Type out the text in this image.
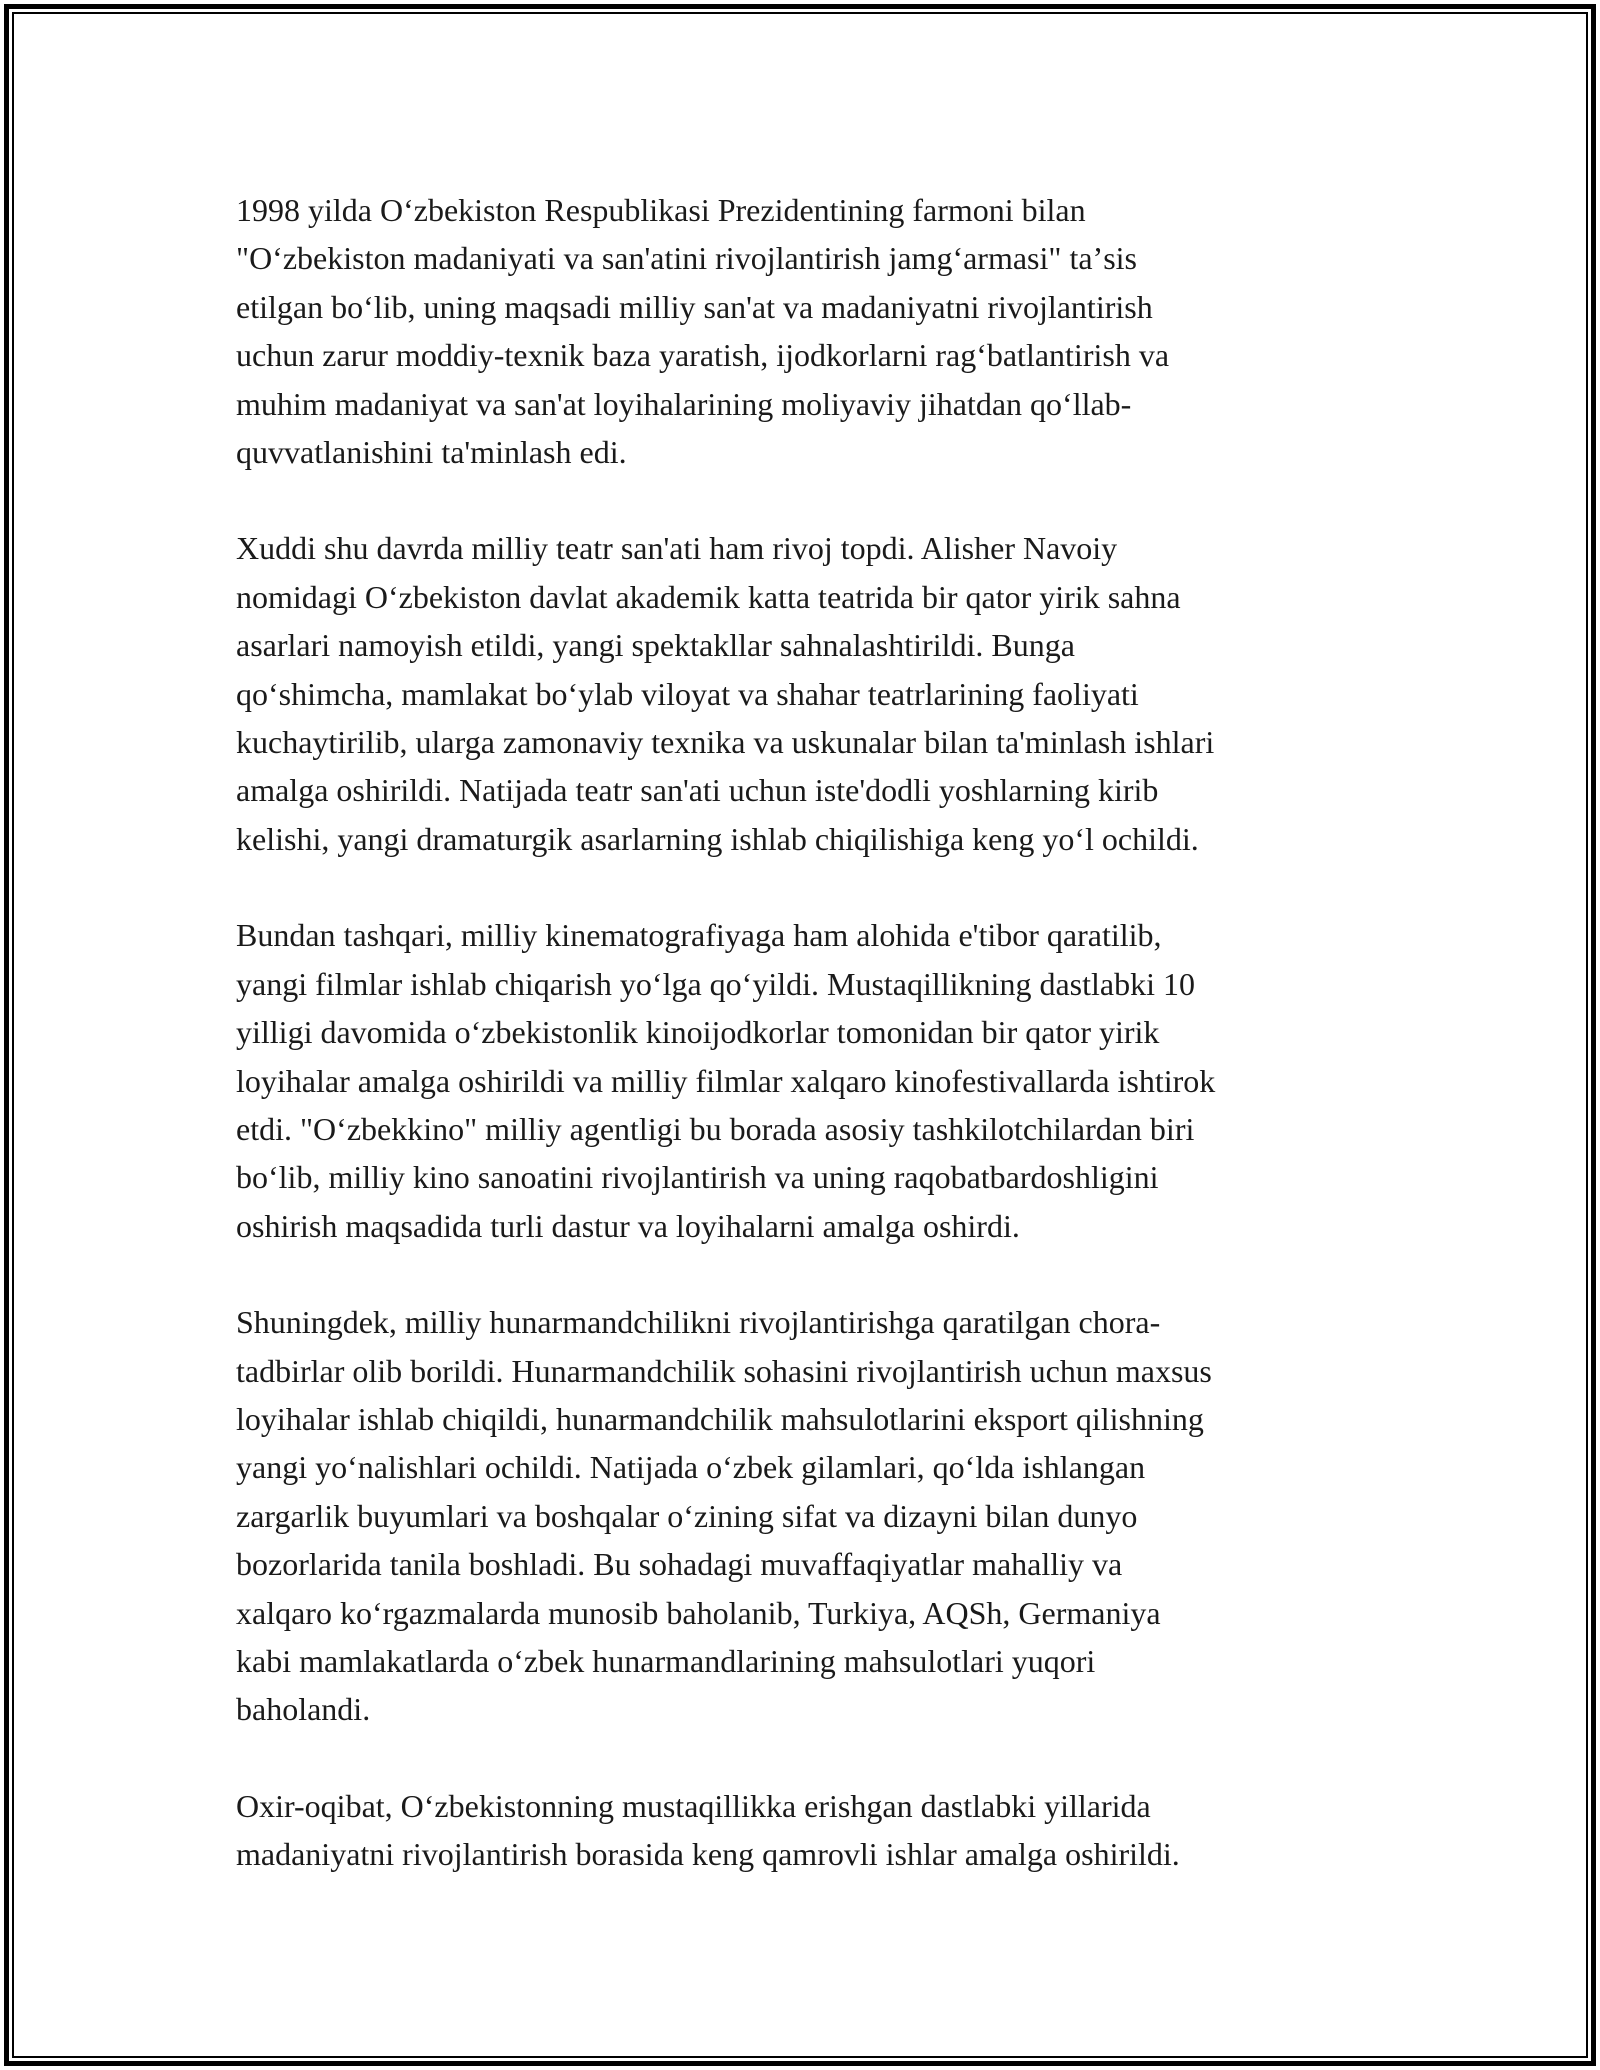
1998 yilda Oʻzbekiston Respublikasi Prezidentining farmoni bilan
"Oʻzbekiston madaniyati va san'atini rivojlantirish jamgʻarmasi" taʼsis
etilgan boʻlib, uning maqsadi milliy san'at va madaniyatni rivojlantirish
uchun zarur moddiy-texnik baza yaratish, ijodkorlarni ragʻbatlantirish va
muhim madaniyat va san'at loyihalarining moliyaviy jihatdan qoʻllab-
quvvatlanishini ta'minlash edi.

Xuddi shu davrda milliy teatr san'ati ham rivoj topdi. Alisher Navoiy
nomidagi Oʻzbekiston davlat akademik katta teatrida bir qator yirik sahna
asarlari namoyish etildi, yangi spektakllar sahnalashtirildi. Bunga
qoʻshimcha, mamlakat boʻylab viloyat va shahar teatrlarining faoliyati
kuchaytirilib, ularga zamonaviy texnika va uskunalar bilan ta'minlash ishlari
amalga oshirildi. Natijada teatr san'ati uchun iste'dodli yoshlarning kirib
kelishi, yangi dramaturgik asarlarning ishlab chiqilishiga keng yoʻl ochildi.

Bundan tashqari, milliy kinematografiyaga ham alohida e'tibor qaratilib,
yangi filmlar ishlab chiqarish yoʻlga qoʻyildi. Mustaqillikning dastlabki 10
yilligi davomida oʻzbekistonlik kinoijodkorlar tomonidan bir qator yirik
loyihalar amalga oshirildi va milliy filmlar xalqaro kinofestivallarda ishtirok
etdi. "Oʻzbekkino" milliy agentligi bu borada asosiy tashkilotchilardan biri
boʻlib, milliy kino sanoatini rivojlantirish va uning raqobatbardoshligini
oshirish maqsadida turli dastur va loyihalarni amalga oshirdi.

Shuningdek, milliy hunarmandchilikni rivojlantirishga qaratilgan chora-
tadbirlar olib borildi. Hunarmandchilik sohasini rivojlantirish uchun maxsus
loyihalar ishlab chiqildi, hunarmandchilik mahsulotlarini eksport qilishning
yangi yoʻnalishlari ochildi. Natijada oʻzbek gilamlari, qoʻlda ishlangan
zargarlik buyumlari va boshqalar oʻzining sifat va dizayni bilan dunyo
bozorlarida tanila boshladi. Bu sohadagi muvaffaqiyatlar mahalliy va
xalqaro koʻrgazmalarda munosib baholanib, Turkiya, AQSh, Germaniya
kabi mamlakatlarda oʻzbek hunarmandlarining mahsulotlari yuqori
baholandi.

Oxir-oqibat, Oʻzbekistonning mustaqillikka erishgan dastlabki yillarida
madaniyatni rivojlantirish borasida keng qamrovli ishlar amalga oshirildi.
